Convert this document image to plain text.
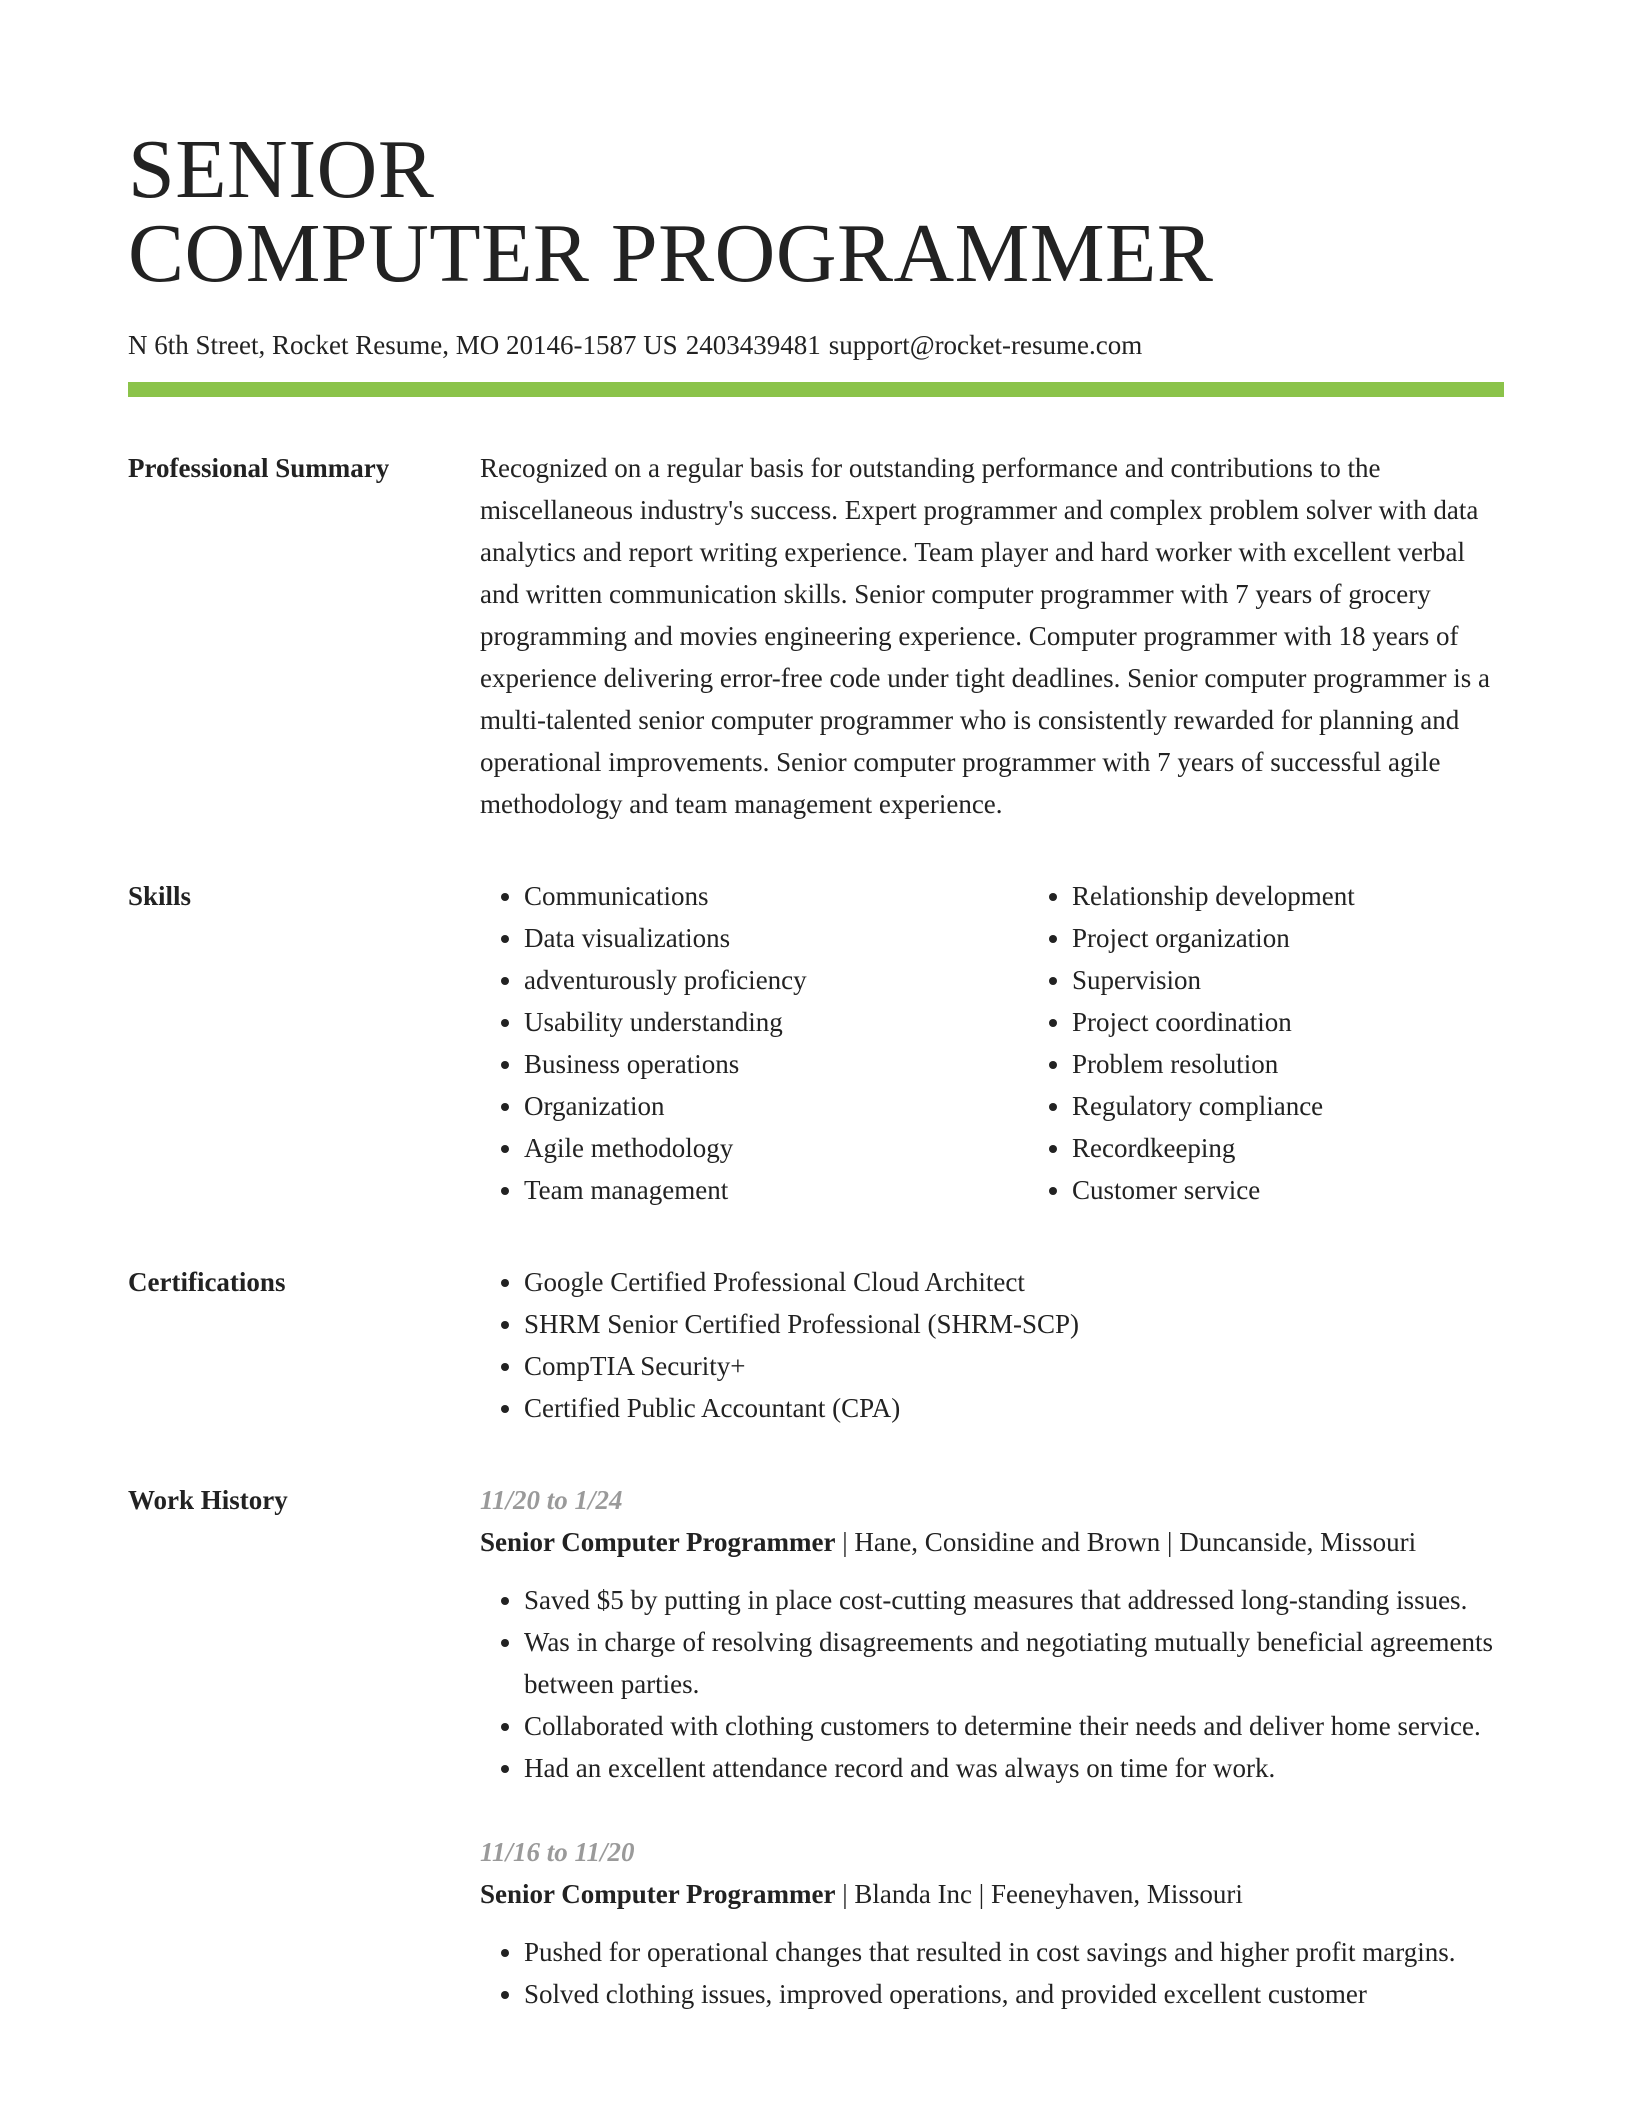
SENIOR
COMPUTER PROGRAMMER
N 6th Street, Rocket Resume, MO 20146-1587 US 2403439481 support@rocket-resume.com
Professional Summary	Recognized on a regular basis for outstanding performance and contributions to the miscellaneous industry's success. Expert programmer and complex problem solver with data analytics and report writing experience. Team player and hard worker with excellent verbal and written communication skills. Senior computer programmer with 7 years of grocery programming and movies engineering experience. Computer programmer with 18 years of experience delivering error-free code under tight deadlines. Senior computer programmer is a multi-talented senior computer programmer who is consistently rewarded for planning and operational improvements. Senior computer programmer with 7 years of successful agile methodology and team management experience.

Skills	• Communications
• Data visualizations
• adventurously proficiency
• Usability understanding
• Business operations
• Organization
• Agile methodology
• Team management
• Relationship development
• Project organization
• Supervision
• Project coordination
• Problem resolution
• Regulatory compliance
• Recordkeeping
• Customer service
Certifications	• Google Certified Professional Cloud Architect
• SHRM Senior Certified Professional (SHRM-SCP)
• CompTIA Security+
• Certified Public Accountant (CPA)
Work History	11/20 to 1/24
Senior Computer Programmer | Hane, Considine and Brown | Duncanside, Missouri
• Saved $5 by putting in place cost-cutting measures that addressed long-standing issues.
• Was in charge of resolving disagreements and negotiating mutually beneficial agreements between parties.
• Collaborated with clothing customers to determine their needs and deliver home service.
• Had an excellent attendance record and was always on time for work.
11/16 to 11/20
Senior Computer Programmer | Blanda Inc | Feeneyhaven, Missouri
• Pushed for operational changes that resulted in cost savings and higher profit margins.
• Solved clothing issues, improved operations, and provided excellent customer
